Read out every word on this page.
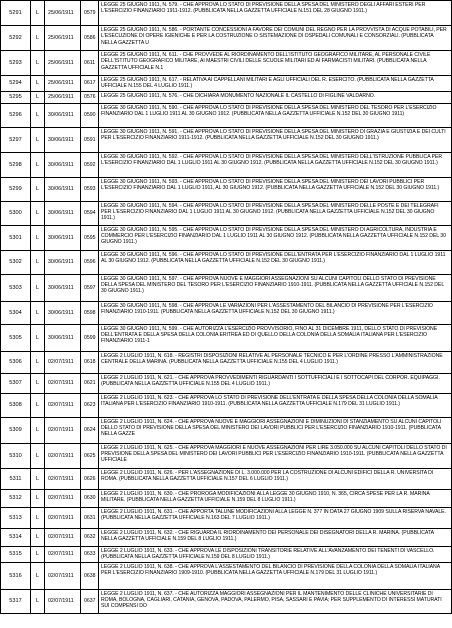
5291	L	25/06/1911	0579	LEGGE 25 GIUGNO 1911, N. 579. - CHE APPROVA LO STATO DI PREVISIONE DELLA SPESA DEL MINISTERO DEGLI AFFARI ESTERI PER L'ESERCIZIO FINANZIARIO 1911-1912. (PUBBLICATA NELLA GAZZETTA UFFICIALE N.151 DEL 28 GIUGNO 1911.)
5292	L	25/06/1911	0586	LEGGE 25 GIUGNO 1911, N. 586. - PORTANTE CONCESSIONI A FAVORE DEI COMUNI DEL REGNO PER LA PROVVISTA DI ACQUE POTABILI, PER L'ESECUZIONE DI OPERE IGIENICHE E PER LA COSTRUZIONE O SISTEMAZIONE DI OSPEDALI COMUNALI E CONSORZIALI. (PUBBLICATA NELLA GAZZETTA U
5293	L	25/06/1911	0611	LEGGE 25 GIUGNO 1911, N. 611. - CHE PROVVEDE AL RIORDINAMENTO DELL'ISTITUTO GEOGRAFICO MILITARE, AL PERSONALE CIVILE DELL'ISTITUTO GEOGRAFICO MILITARE, AI MAESTRI CIVILI DELLE SCUOLE MILITARI ED AI FARMACISTI MILITARI. (PUBBLICATA NELLA GAZZETTA UFFICIALE N.1
5294	L	25/06/1911	0617	LEGGE 25 GIUGNO 1911, N. 617. - RELATIVA AI CAPPELLANI MILITARI E AGLI UFFICIALI DEL R. ESERCITO. (PUBBLICATA NELLA GAZZETTA UFFICIALE N.155 DEL 4 LUGLIO 1911.)
5295	L	25/06/1911	0576	LEGGE 25 GIUGNO 1911, N. 576. - CHE DICHIARA MONUMENTO NAZIONALE IL CASTELLO DI FIGLINE VALDARNO.
5296	L	30/06/1911	0590	LEGGE 30 GIUGNO 1911, N. 590. - CHE APPROVA LO STATO DI PREVISIONE DELLA SPESA DEL MINISTERO DEL TESORO PER L'ESERCIZIO FINANZIARIO DAL 1 LUGLIO 1911 AL 30 GIUGNO 1912. (PUBBLICATA NELLA GAZZETTA UFFICIALE N.152 DEL 30 GIUGNO 1911)
5297	L	30/06/1911	0591	LEGGE 30 GIUGNO 1911, N. 591. - CHE APPROVA LO STATO DI PREVISIONE DELLA SPESA DEL MINISTERO DI GRAZIA E GIUSTIZIA E DEI CULTI PER L'ESERCIZIO FINANZIARIO 1911-1912. (PUBBLICATA NELLA GAZZETTA UFFICIALE N.152 DEL 30 GIUGNO 1911.)
5298	L	30/06/1911	0592	LEGGE 30 GIUGNO 1911, N. 592. - CHE APPROVA LO STATO DI PREVISIONE DELLA SPESA DEL MINISTERO DELL'ISTRUZIONE PUBBLICA PER L'ESERCIZIO FINANZIARIO DAL 1 LUGLIO 1911 AL 30 GIUGNO 1912. (PUBBLICATA NELLA GAZZETTA UFFICIALE N.152 DEL 30 GIUGNO 1911.)
5299	L	30/06/1911	0593	LEGGE 30 GIUGNO 1911, N. 593. - CHE APPROVA LO STATO DI PREVISIONE DELLA SPESA DEL MINISTERO DEI LAVORI PUBBLICI PER L'ESERCIZIO FINANZIARIO DAL 1 LUGLIO 1911, AL 30 GIUGNO 1912. (PUBBLICATA NELLA GAZZETTA UFFICIALE N.152 DEL 30 GIUGNO 1911.)
5300	L	30/06/1911	0594	LEGGE 30 GIUGNO 1911, N. 594. - CHE APPROVA LO STATO DI PREVISIONE DELLA SPESA DEL MINISTERO DELLE POSTE E DEI TELEGRAFI PER L'ESERCIZIO FINANZIARIO DAL 1 LUGLIO 1911 AL 30 GIUGNO 1912. (PUBBLICATA NELLA GAZZETTA UFFICIALE N.152 DEL 30 GIUGNO 1911.)
5301	L	30/06/1911	0595	LEGGE 30 GIUGNO 1911, N. 595. - CHE APPROVA LO STATO DI PREVISIONE DELLA SPESA DEL MINISTERO DI AGRICOLTURA, INDUSTRIA E COMMERCIO PER L'ESERCIZIO FINANZIARIO DAL 1 LUGLIO 1911 AL 30 GIUGNO 1912. (PUBBLICATA NELLA GAZZETTA UFFICIALE N.152 DEL 30 GIUGNO 1911.)
5302	L	30/06/1911	0596	LEGGE 30 GIUGNO 1911, N. 596. - CHE APPROVA LO STATO DI PREVISIONE DELL'ENTRATA PER L'ESERCIZIO FINANZIARIO DAL 1 LUGLIO 1911 AL 30 GIUGNO 1912. (PUBBLICATA NELLA GAZZETTA UFFICIALE N.152 DEL 30 GIUGNO 1911.)
5303	L	30/06/1911	0597	LEGGE 30 GIUGNO 1911, N. 597. - CHE APPROVA NUOVE E MAGGIORI ASSEGNAZIONI SU ALCUNI CAPITOLI DELLO STATO DI PREVISIONE DELLA SPESA DEL MINISTERO DEL TESORO PER L'ESERCIZIO FINANZIARIO 1910-1911. (PUBBLICATA NELLA GAZZETTA UFFICIALE N.152 DEL 30 GIUGNO 1911.)
5304	L	30/06/1911	0598	LEGGE 30 GIUGNO 1911, N. 598. - CHE APPROVA LE VARIAZIONI PER L'ASSESTAMENTO DEL BILANCIO DI PREVISIONE PER L'ESERCIZIO FINANZIARIO 1910-1911. (PUBBLICATA NELLA GAZZETTA UFFICIALE N.152 DEL 30 GIUGNO 1911.)
5305	L	30/06/1911	0599	LEGGE 30 GIUGNO 1911, N. 599. - CHE AUTORIZZA L'ESERCIZIO PROVVISORIO, FINO AL 31 DICEMBRE 1911, DELLO STATO DI PREVISIONE DELL'ENTRATA E DELLA SPESA DELLA COLONIA ERITREA ED DI QUELLO DELLA COLONIA DELLA SOMALIA ITALIANA PER L'ESERCIZIO FINANZIARIO 1911-1
5306	L	02/07/1911	0618	LEGGE 2 LUGLIO 1911, N. 618. - REGISTRI DISPOSIZIONI RELATIVE AL PERSONALE TECNICO E PER L'ORDINE PRESSO L'AMMINISTRAZIONE CENTRALE DELLA MARINA. (PUBBLICATA NELLA GAZZETTA UFFICIALE N.155 DEL 4 LUGLIO 1911.)
5307	L	02/07/1911	0621	LEGGE 2 LUGLIO 1911, N. 621. - CHE APPROVA PROVVEDIMENTI RIGUARDANTI I SOTTUFFICIALI E I SOTTOCAPI DEL CORPOR. EQUIPAGGI. (PUBBLICATA NELLA GAZZETTA UFFICIALE N.155 DEL 4 LUGLIO 1911.)
5308	L	02/07/1911	0623	LEGGE 2 LUGLIO 1911, N. 623. - CHE APPROVA LO STATO DI PREVISIONE DELL'ENTRATA E DELLA SPESA DELLA COLONIA DELLA SOMALIA ITALIANA PER L'ESERCIZIO FINANZIARIO 1910-1911. (PUBBLICATA NELLA GAZZETTA UFFICIALE N.179 DEL 31 LUGLIO 1911.)
5309	L	02/07/1911	0624	LEGGE 2 LUGLIO 1911, N. 624. - CHE APPROVA NUOVE E MAGGIORI ASSEGNAZIONI E DIMINUZIONI DI STANZIAMENTO SU ALCUNI CAPITOLI DELLO STATO DI PREVISIONE DELLA SPESA DEL MINISTERO DEI LAVORI PUBBLICI PER L'ESERCIZIO FINANZIARIO 1910-1911. (PUBBLICATA NELLA GAZZE
5310	L	02/07/1911	0625	LEGGE 2 LUGLIO 1911, N. 625. - CHE APPROVA MAGGIORI E NUOVE ASSEGNAZIONI PER LIRE 3.050.000 SU ALCUNI CAPITOLI DELLO STATO DI PREVISIONE DELLA SPESA DEL MINISTERO DEI LAVORI PUBBLICI PER L'ESERCIZIO FINANZIARIO 1910-1911. (PUBBLICATA NELLA GAZZETTA UFFICIALE
5311	L	02/07/1911	0626	LEGGE 2 LUGLIO 1911, N. 626. - PER L'ASSEGNAZIONE DI L. 3.000.000 PER LA COSTRUZIONE DI ALCUNI EDIFICI DELLA R. UNIVERSITA DI ROMA. (PUBBLICATA NELLA GAZZETTA UFFICIALE N.157 DEL 6 LUGLIO 1911.)
5312	L	02/07/1911	0630	LEGGE 2 LUGLIO 1911, N. 630. - CHE PROROGA MODIFICAZIONI ALLA LEGGE 30 GIUGNO 1910, N. 365, CIRCA SPESE PER LA R. MARINA MILITARE. (PUBBLICATA NELLA GAZZETTA UFFICIALE N.159 DEL 8 LUGLIO 1911.)
5313	L	02/07/1911	0631	LEGGE 2 LUGLIO 1911, N. 631. - CHE APPORTA TALUNE MODIFICAZIONI ALLA LEGGE N. 377 IN DATA 27 GIUGNO 1909 SULLA RISERVA NAVALE. (PUBBLICATA NELLA GAZZETTA UFFICIALE N.163 DEL 7 LUGLIO 1911.)
5314	L	02/07/1911	0632	LEGGE 2 LUGLIO 1911, N. 632. - CHE RIGUARDA IL RIORDINAMENTO DEI PERSONALE DEI DISEGNATORI DELLA R. MARINA. (PUBBLICATA NELLA GAZZETTA UFFICIALE N.159 DEL 8 LUGLIO 1911.)
5315	L	02/07/1911	0633	LEGGE 2 LUGLIO 1911, N. 633. - CHE APPROVA LE DISPOSIZIONI TRANSITORIE RELATIVE ALL'AVANZAMENTO DEI TENENTI DI VASCELLO. (PUBBLICATA NELLA GAZZETTA UFFICIALE N.159 DEL 8 LUGLIO 1911.)
5316	L	02/07/1911	0638	LEGGE 2 LUGLIO 1911, N. 638. - CHE APPROVA L'ASSESTAMENTO DEL BILANCIO DI PREVISIONE DELLA COLONIA DELLA SOMALIA ITALIANA PER L'ESERCIZIO FINANZIARIO 1909-1910. (PUBBLICATA NELLA GAZZETTA UFFICIALE N.179 DEL 31 LUGLIO 1911.)
5317	L	02/07/1911	0637	LEGGE 2 LUGLIO 1911, N. 637. - CHE AUTORIZZA MAGGIORI ASSEGNAZIONI PER IL MANTENIMENTO DELLE CLINICHE UNIVERSITARIE DI ROMA, BOLOGNA, CAGLIARI, CATANIA, GENOVA, PADOVA, PALERMO, PISA, SASSARI E PAVIA; PER SUPPLEMENTO DI INTERESSI MATURATI SUI COMPENSI DO
